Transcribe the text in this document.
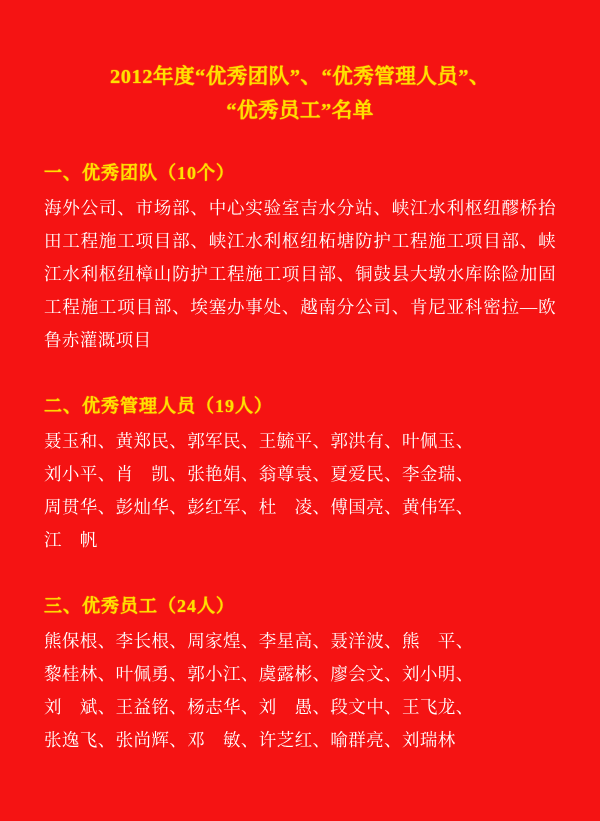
2012年度“优秀团队”、“优秀管理人员”、
“优秀员工”名单

一、优秀团队（10个）

海外公司、市场部、中心实验室吉水分站、峡江水利枢纽醪桥抬田工程施工项目部、峡江水利枢纽柘塘防护工程施工项目部、峡江水利枢纽樟山防护工程施工项目部、铜鼓县大墩水库除险加固工程施工项目部、埃塞办事处、越南分公司、肯尼亚科密拉—欧鲁赤灌溉项目

二、优秀管理人员（19人）

聂玉和、黄郑民、郭军民、王毓平、郭洪有、叶佩玉、

刘小平、肖　凯、张艳娟、翁尊袁、夏爱民、李金瑞、

周贯华、彭灿华、彭红军、杜　凌、傅国亮、黄伟军、

江　帆

三、优秀员工（24人）

熊保根、李长根、周家煌、李星高、聂洋波、熊　平、

黎桂林、叶佩勇、郭小江、虞露彬、廖会文、刘小明、

刘　斌、王益铭、杨志华、刘　愚、段文中、王飞龙、

张逸飞、张尚辉、邓　敏、许芝红、喻群亮、刘瑞林
